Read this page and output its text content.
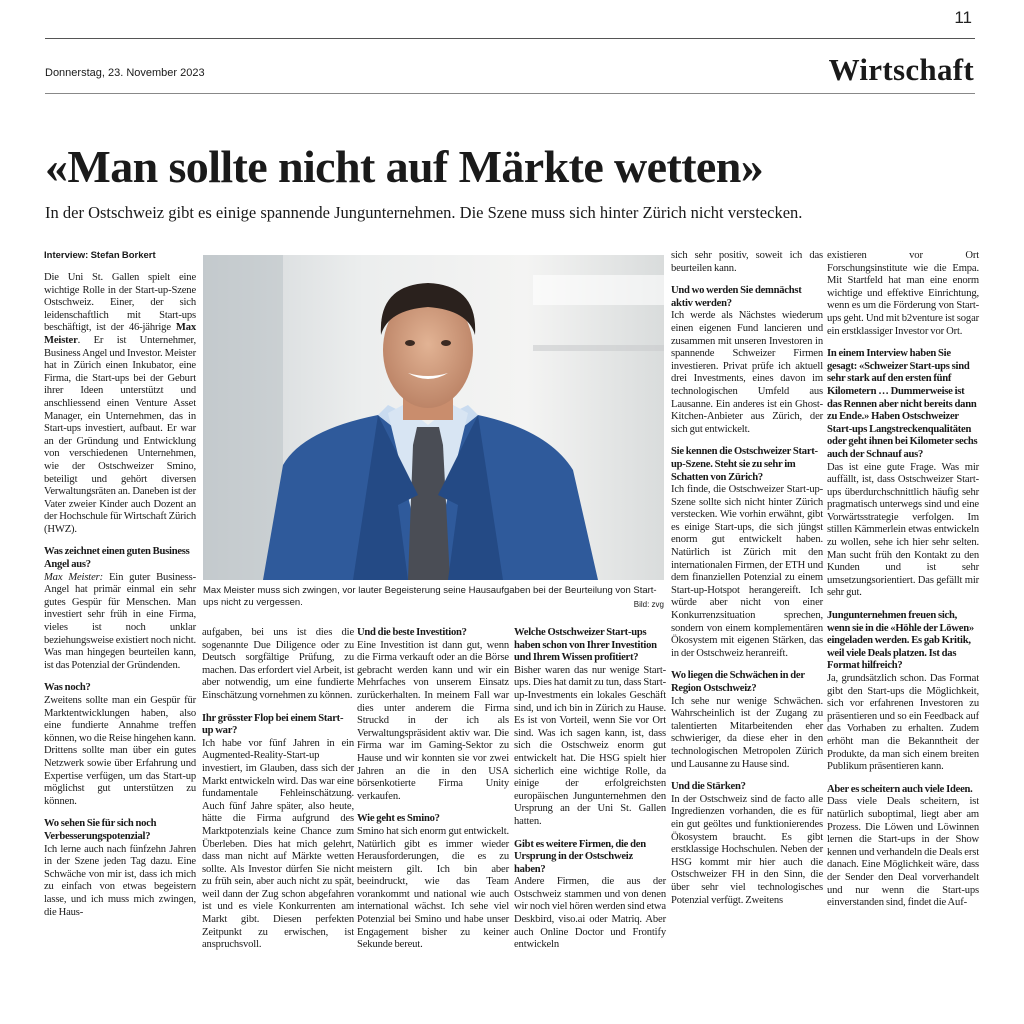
11
Donnerstag, 23. November 2023	Wirtschaft
«Man sollte nicht auf Märkte wetten»
In der Ostschweiz gibt es einige spannende Jungunternehmen. Die Szene muss sich hinter Zürich nicht verstecken.

Interview: Stefan Borkert

Die Uni St. Gallen spielt eine wichtige Rolle in der Start-up-Szene Ostschweiz. Einer, der sich leidenschaftlich mit Start-ups beschäftigt, ist der 46-jährige Max Meister. Er ist Unternehmer, Business Angel und Investor. Meister hat in Zürich einen Inkubator, eine Firma, die Start-ups bei der Geburt ihrer Ideen unterstützt und anschliessend einen Venture Asset Manager, ein Unternehmen, das in Start-ups investiert, aufbaut. Er war an der Gründung und Entwicklung von verschiedenen Unternehmen, wie der Ostschweizer Smino, beteiligt und gehört diversen Verwaltungsräten an. Daneben ist der Vater zweier Kinder auch Dozent an der Hochschule für Wirtschaft Zürich (HWZ).

Was zeichnet einen guten Business Angel aus?

Max Meister: Ein guter Business-Angel hat primär einmal ein sehr gutes Gespür für Menschen. Man investiert sehr früh in eine Firma, vieles ist noch unklar beziehungsweise existiert noch nicht. Was man hingegen beurteilen kann, ist das Potenzial der Gründenden.

Was noch?

Zweitens sollte man ein Gespür für Marktentwicklungen haben, also eine fundierte Annahme treffen können, wo die Reise hingehen kann. Drittens sollte man über ein gutes Netzwerk sowie über Erfahrung und Expertise verfügen, um das Start-up möglichst gut unterstützen zu können.

Wo sehen Sie für sich noch Verbesserungspotenzial?

Ich lerne auch nach fünfzehn Jahren in der Szene jeden Tag dazu. Eine Schwäche von mir ist, dass ich mich zu einfach von etwas begeistern lasse, und ich muss mich zwingen, die Haus-

Max Meister muss sich zwingen, vor lauter Begeisterung seine Hausaufgaben bei der Beurteilung von Start-ups nicht zu vergessen.	Bild: zvg

aufgaben, bei uns ist dies die sogenannte Due Diligence oder zu Deutsch sorgfältige Prüfung, zu machen. Das erfordert viel Arbeit, ist aber notwendig, um eine fundierte Einschätzung vornehmen zu können.

Ihr grösster Flop bei einem Start-up war?

Ich habe vor fünf Jahren in ein Augmented-Reality-Start-up investiert, im Glauben, dass sich der Markt entwickeln wird. Das war eine fundamentale Fehleinschätzung. Auch fünf Jahre später, also heute, hätte die Firma aufgrund des Marktpotenzials keine Chance zum Überleben. Dies hat mich gelehrt, dass man nicht auf Märkte wetten sollte. Als Investor dürfen Sie nicht zu früh sein, aber auch nicht zu spät, weil dann der Zug schon abgefahren ist und es viele Konkurrenten am Markt gibt. Diesen perfekten Zeitpunkt zu erwischen, ist anspruchsvoll.

Und die beste Investition?

Eine Investition ist dann gut, wenn die Firma verkauft oder an die Börse gebracht werden kann und wir ein Mehrfaches von unserem Einsatz zurückerhalten. In meinem Fall war dies unter anderem die Firma Struckd in der ich als Verwaltungspräsident aktiv war. Die Firma war im Gaming-Sektor zu Hause und wir konnten sie vor zwei Jahren an die in den USA börsenkotierte Firma Unity verkaufen.

Wie geht es Smino?

Smino hat sich enorm gut entwickelt. Natürlich gibt es immer wieder Herausforderungen, die es zu meistern gilt. Ich bin aber beeindruckt, wie das Team vorankommt und national wie auch international wächst. Ich sehe viel Potenzial bei Smino und habe unser Engagement bisher zu keiner Sekunde bereut.

Welche Ostschweizer Start-ups haben schon von Ihrer Investition und Ihrem Wissen profitiert?

Bisher waren das nur wenige Start-ups. Dies hat damit zu tun, dass Start-up-Investments ein lokales Geschäft sind, und ich bin in Zürich zu Hause. Es ist von Vorteil, wenn Sie vor Ort sind. Was ich sagen kann, ist, dass sich die Ostschweiz enorm gut entwickelt hat. Die HSG spielt hier sicherlich eine wichtige Rolle, da einige der erfolgreichsten europäischen Jungunternehmen den Ursprung an der Uni St. Gallen hatten.

Gibt es weitere Firmen, die den Ursprung in der Ostschweiz haben?

Andere Firmen, die aus der Ostschweiz stammen und von denen wir noch viel hören werden sind etwa Deskbird, viso.ai oder Matriq. Aber auch Online Doctor und Frontify entwickeln

sich sehr positiv, soweit ich das beurteilen kann.

Und wo werden Sie demnächst aktiv werden?

Ich werde als Nächstes wiederum einen eigenen Fund lancieren und zusammen mit unseren Investoren in spannende Schweizer Firmen investieren. Privat prüfe ich aktuell drei Investments, eines davon im technologischen Umfeld aus Lausanne. Ein anderes ist ein Ghost-Kitchen-Anbieter aus Zürich, der sich gut entwickelt.

Sie kennen die Ostschweizer Start-up-Szene. Steht sie zu sehr im Schatten von Zürich?

Ich finde, die Ostschweizer Start-up-Szene sollte sich nicht hinter Zürich verstecken. Wie vorhin erwähnt, gibt es einige Start-ups, die sich jüngst enorm gut entwickelt haben. Natürlich ist Zürich mit den internationalen Firmen, der ETH und dem finanziellen Potenzial zu einem Start-up-Hotspot herangereift. Ich würde aber nicht von einer Konkurrenzsituation sprechen, sondern von einem komplementären Ökosystem mit eigenen Stärken, das in der Ostschweiz heranreift.

Wo liegen die Schwächen in der Region Ostschweiz?

Ich sehe nur wenige Schwächen. Wahrscheinlich ist der Zugang zu talentierten Mitarbeitenden eher schwieriger, da diese eher in den technologischen Metropolen Zürich und Lausanne zu Hause sind.

Und die Stärken?

In der Ostschweiz sind de facto alle Ingredienzen vorhanden, die es für ein gut geöltes und funktionierendes Ökosystem braucht. Es gibt erstklassige Hochschulen. Neben der HSG kommt mir hier auch die Ostschweizer FH in den Sinn, die über sehr viel technologisches Potenzial verfügt. Zweitens

existieren vor Ort Forschungsinstitute wie die Empa. Mit Startfeld hat man eine enorm wichtige und effektive Einrichtung, wenn es um die Förderung von Start-ups geht. Und mit b2venture ist sogar ein erstklassiger Investor vor Ort.

In einem Interview haben Sie gesagt: «Schweizer Start-ups sind sehr stark auf den ersten fünf Kilometern … Dummerweise ist das Rennen aber nicht bereits dann zu Ende.» Haben Ostschweizer Start-ups Langstreckenqualitäten oder geht ihnen bei Kilometer sechs auch der Schnauf aus?

Das ist eine gute Frage. Was mir auffällt, ist, dass Ostschweizer Start-ups überdurchschnittlich häufig sehr pragmatisch unterwegs sind und eine Vorwärtsstrategie verfolgen. Im stillen Kämmerlein etwas entwickeln zu wollen, sehe ich hier sehr selten. Man sucht früh den Kontakt zu den Kunden und ist sehr umsetzungsorientiert. Das gefällt mir sehr gut.

Jungunternehmen freuen sich, wenn sie in die «Höhle der Löwen» eingeladen werden. Es gab Kritik, weil viele Deals platzen. Ist das Format hilfreich?

Ja, grundsätzlich schon. Das Format gibt den Start-ups die Möglichkeit, sich vor erfahrenen Investoren zu präsentieren und so ein Feedback auf das Vorhaben zu erhalten. Zudem erhöht man die Bekanntheit der Produkte, da man sich einem breiten Publikum präsentieren kann.

Aber es scheitern auch viele Ideen.

Dass viele Deals scheitern, ist natürlich suboptimal, liegt aber am Prozess. Die Löwen und Löwinnen lernen die Start-ups in der Show kennen und verhandeln die Deals erst danach. Eine Möglichkeit wäre, dass der Sender den Deal vorverhandelt und nur wenn die Start-ups einverstanden sind, findet die Auf-
